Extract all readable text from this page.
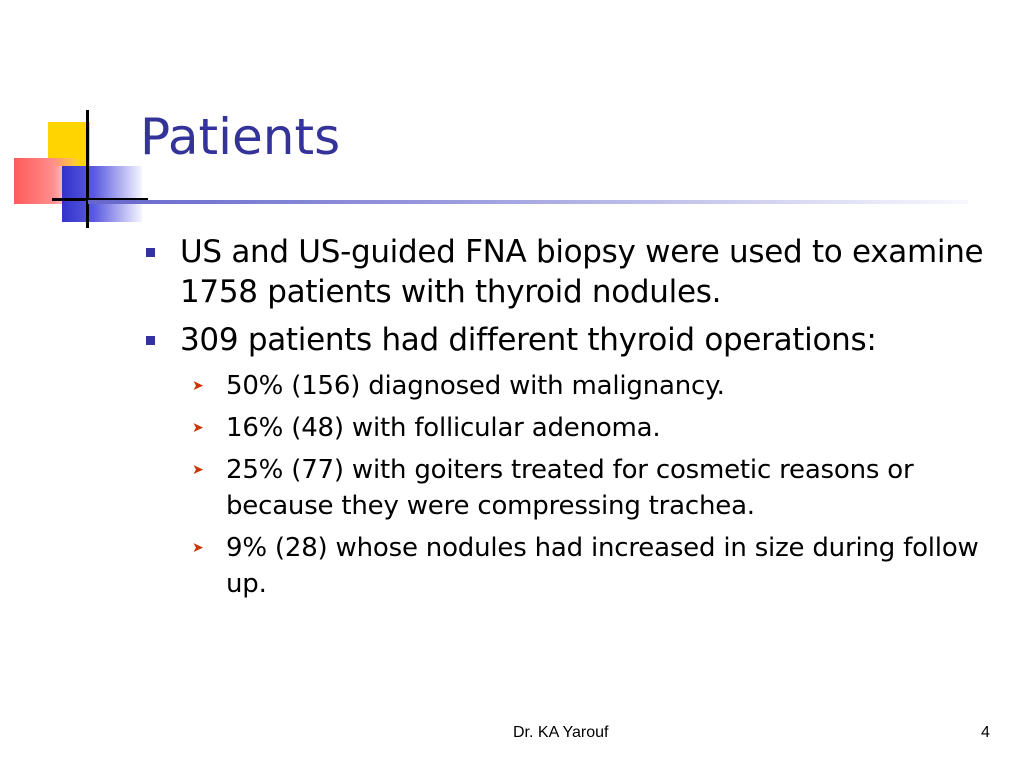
Patients
US and US-guided FNA biopsy were used to examine 1758 patients with thyroid nodules.
309 patients had different thyroid operations:
➤ 50% (156) diagnosed with malignancy.
➤ 16% (48) with follicular adenoma.
➤ 25% (77) with goiters treated for cosmetic reasons or because they were compressing trachea.
➤ 9% (28) whose nodules had increased in size during follow up.
Dr. KA Yarouf	4
